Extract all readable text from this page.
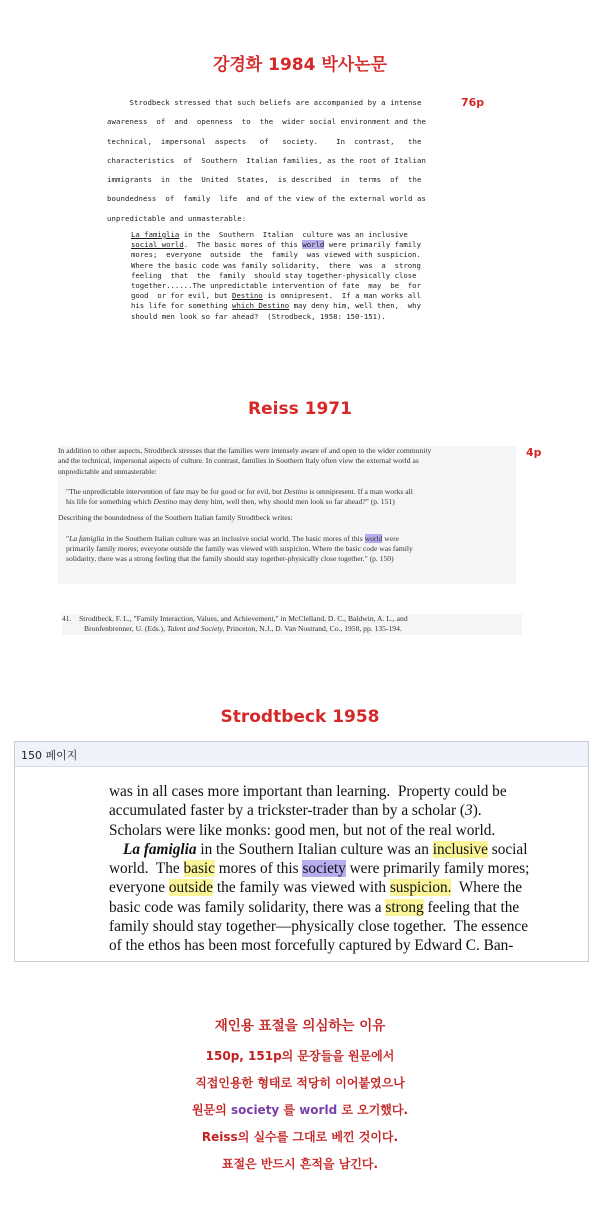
강경화 1984 박사논문
76p

Strodbeck stressed that such beliefs are accompanied by a intense

awareness  of  and  openness  to  the  wider social environment and the

technical,  impersonal  aspects   of   society.    In  contrast,   the

characteristics  of  Southern  Italian families, as the root of Italian

immigrants  in  the  United  States,  is described  in  terms  of  the

boundedness  of  family  life  and of the view of the external world as

unpredictable and unmasterable:

La famiglia in the  Southern  Italian  culture was an inclusive

social world.  The basic mores of this world were primarily family

mores;  everyone  outside  the  family  was viewed with suspicion.

Where the basic code was family solidarity,  there  was  a  strong

feeling  that  the  family  should stay together-physically close

together......The unpredictable intervention of fate  may  be  for

good  or for evil, but Destino is omnipresent.  If a man works all

his life for something which Destino may deny him, well then,  why

should men look so far ahead?  (Strodbeck, 1958: 150-151).

Reiss 1971
4p

In addition to other aspects, Strodtbeck stresses that the families were intensely aware of and open to the wider community

and the technical, impersonal aspects of culture. In contrast, families in Southern Italy often view the external world as

unpredictable and unmasterable:

"The unpredictable intervention of fate may be for good or for evil, but Destino is omnipresent. If a man works all

his life for something which Destino may deny him, well then, why should men look so far ahead?" (p. 151)

Describing the boundedness of the Southern Italian family Strodtbeck writes:

"La famiglia in the Southern Italian culture was an inclusive social world. The basic mores of this world were

primarily family mores; everyone outside the family was viewed with suspicion. Where the basic code was family

solidarity, there was a strong feeling that the family should stay together-physically close together." (p. 150)

41.    Strodtbeck, F. L., "Family Interaction, Values, and Achievement," in McClelland, D. C., Baldwin, A. L., and

Bronfenbrenner, U. (Eds.), Talent and Society, Princeton, N.J., D. Van Nostrand, Co., 1958, pp. 135-194.

Strodtbeck 1958
150 페이지

was in all cases more important than learning.  Property could be

accumulated faster by a trickster-trader than by a scholar (3).

Scholars were like monks: good men, but not of the real world.

La famiglia in the Southern Italian culture was an inclusive social

world.  The basic mores of this society were primarily family mores;

everyone outside the family was viewed with suspicion.  Where the

basic code was family solidarity, there was a strong feeling that the

family should stay together—physically close together.  The essence

of the ethos has been most forcefully captured by Edward C. Ban-

재인용 표절을 의심하는 이유
150p, 151p의 문장들을 원문에서
직접인용한 형태로 적당히 이어붙였으나
원문의 society 를 world 로 오기했다.
Reiss의 실수를 그대로 베낀 것이다.
표절은 반드시 흔적을 남긴다.
